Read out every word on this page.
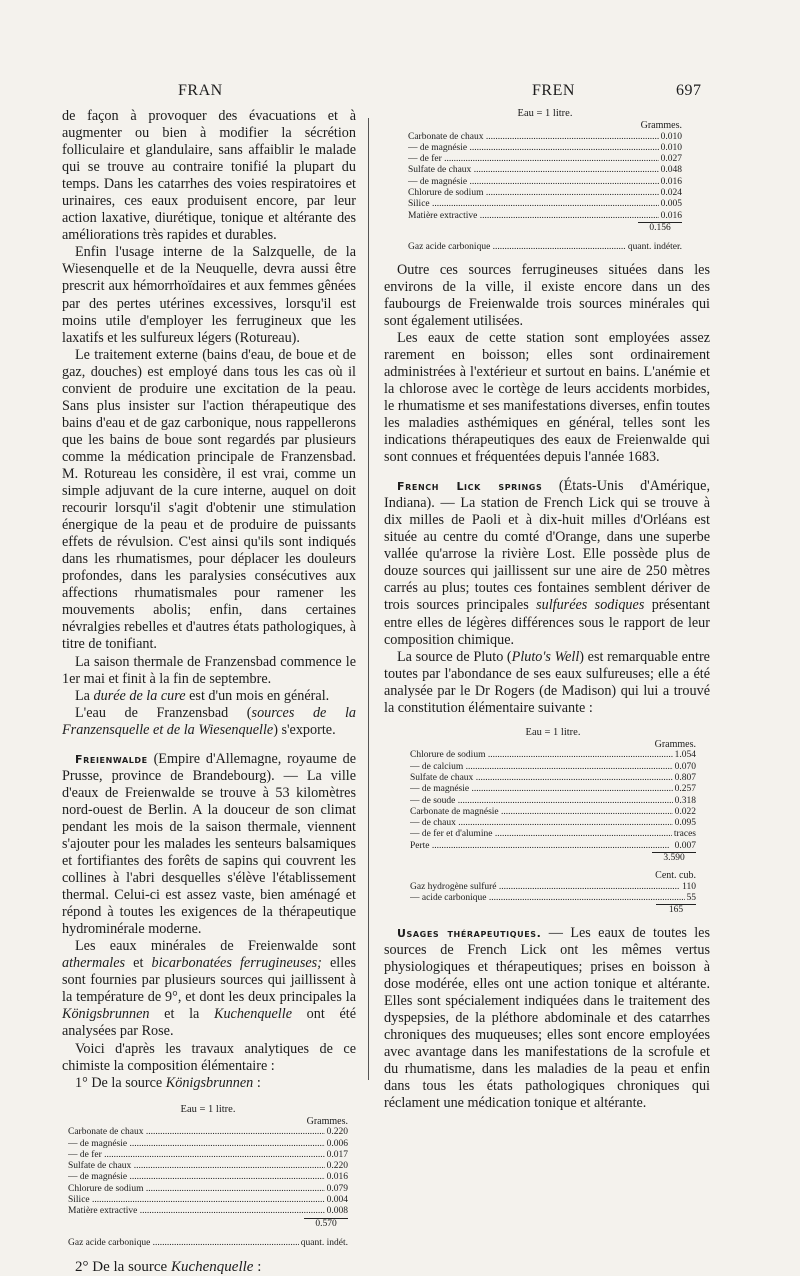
FRAN	FREN	697

de façon à provoquer des évacuations et à augmenter ou bien à modifier la sécrétion folliculaire et glandulaire, sans affaiblir le malade qui se trouve au contraire tonifié la plupart du temps. Dans les catarrhes des voies respiratoires et urinaires, ces eaux produisent encore, par leur action laxative, diurétique, tonique et altérante des améliorations très rapides et durables.

Enfin l'usage interne de la Salzquelle, de la Wiesenquelle et de la Neuquelle, devra aussi être prescrit aux hémorrhoïdaires et aux femmes gênées par des pertes utérines excessives, lorsqu'il est moins utile d'employer les ferrugineux que les laxatifs et les sulfureux légers (Rotureau).

Le traitement externe (bains d'eau, de boue et de gaz, douches) est employé dans tous les cas où il convient de produire une excitation de la peau. Sans plus insister sur l'action thérapeutique des bains d'eau et de gaz carbonique, nous rappellerons que les bains de boue sont regardés par plusieurs comme la médication principale de Franzensbad. M. Rotureau les considère, il est vrai, comme un simple adjuvant de la cure interne, auquel on doit recourir lorsqu'il s'agit d'obtenir une stimulation énergique de la peau et de produire de puissants effets de révulsion. C'est ainsi qu'ils sont indiqués dans les rhumatismes, pour déplacer les douleurs profondes, dans les paralysies consécutives aux affections rhumatismales pour ramener les mouvements abolis; enfin, dans certaines névralgies rebelles et d'autres états pathologiques, à titre de tonifiant.

La saison thermale de Franzensbad commence le 1er mai et finit à la fin de septembre.

La durée de la cure est d'un mois en général.

L'eau de Franzensbad (sources de la Franzensquelle et de la Wiesenquelle) s'exporte.

Freienwalde (Empire d'Allemagne, royaume de Prusse, province de Brandebourg). — La ville d'eaux de Freienwalde se trouve à 53 kilomètres nord-ouest de Berlin. A la douceur de son climat pendant les mois de la saison thermale, viennent s'ajouter pour les malades les senteurs balsamiques et fortifiantes des forêts de sapins qui couvrent les collines à l'abri desquelles s'élève l'établissement thermal. Celui-ci est assez vaste, bien aménagé et répond à toutes les exigences de la thérapeutique hydrominérale moderne.

Les eaux minérales de Freienwalde sont athermales et bicarbonatées ferrugineuses; elles sont fournies par plusieurs sources qui jaillissent à la température de 9°, et dont les deux principales la Königsbrunnen et la Kuchenquelle ont été analysées par Rose.

Voici d'après les travaux analytiques de ce chimiste la composition élémentaire :

1° De la source Königsbrunnen :

Eau = 1 litre.
Grammes.
Carbonate de chaux .....	0.220
— de magnésie .....	0.006
— de fer .....	0.017
Sulfate de chaux .....	0.220
— de magnésie .....	0.016
Chlorure de sodium .....	0.079
Silice .....	0.004
Matière extractive .....	0.008
0.570
Gaz acide carbonique .....	quant. indét.

2° De la source Kuchenquelle :

Eau = 1 litre.
Grammes.
Carbonate de chaux .....	0.010
— de magnésie .....	0.010
— de fer .....	0.027
Sulfate de chaux .....	0.048
— de magnésie .....	0.016
Chlorure de sodium .....	0.024
Silice .....	0.005
Matière extractive .....	0.016
0.156
Gaz acide carbonique .....	quant. indéter.

Outre ces sources ferrugineuses situées dans les environs de la ville, il existe encore dans un des faubourgs de Freienwalde trois sources minérales qui sont également utilisées.

Les eaux de cette station sont employées assez rarement en boisson; elles sont ordinairement administrées à l'extérieur et surtout en bains. L'anémie et la chlorose avec le cortège de leurs accidents morbides, le rhumatisme et ses manifestations diverses, enfin toutes les maladies asthémiques en général, telles sont les indications thérapeutiques des eaux de Freienwalde qui sont connues et fréquentées depuis l'année 1683.

French Lick springs (États-Unis d'Amérique, Indiana). — La station de French Lick qui se trouve à dix milles de Paoli et à dix-huit milles d'Orléans est située au centre du comté d'Orange, dans une superbe vallée qu'arrose la rivière Lost. Elle possède plus de douze sources qui jaillissent sur une aire de 250 mètres carrés au plus; toutes ces fontaines semblent dériver de trois sources principales sulfurées sodiques présentant entre elles de légères différences sous le rapport de leur composition chimique.

La source de Pluto (Pluto's Well) est remarquable entre toutes par l'abondance de ses eaux sulfureuses; elle a été analysée par le Dr Rogers (de Madison) qui lui a trouvé la constitution élémentaire suivante :

Eau = 1 litre.
Grammes.
Chlorure de sodium .....	1.054
— de calcium .....	0.070
Sulfate de chaux .....	0.807
— de magnésie .....	0.257
— de soude .....	0.318
Carbonate de magnésie .....	0.022
— de chaux .....	0.095
— de fer et d'alumine .....	traces
Perte .....	0.007
3.590
Cent. cub.
Gaz hydrogène sulfuré .....	110
— acide carbonique .....	55
165

Usages thérapeutiques. — Les eaux de toutes les sources de French Lick ont les mêmes vertus physiologiques et thérapeutiques; prises en boisson à dose modérée, elles ont une action tonique et altérante. Elles sont spécialement indiquées dans le traitement des dyspepsies, de la pléthore abdominale et des catarrhes chroniques des muqueuses; elles sont encore employées avec avantage dans les manifestations de la scrofule et du rhumatisme, dans les maladies de la peau et enfin dans tous les états pathologiques chroniques qui réclament une médication tonique et altérante.
